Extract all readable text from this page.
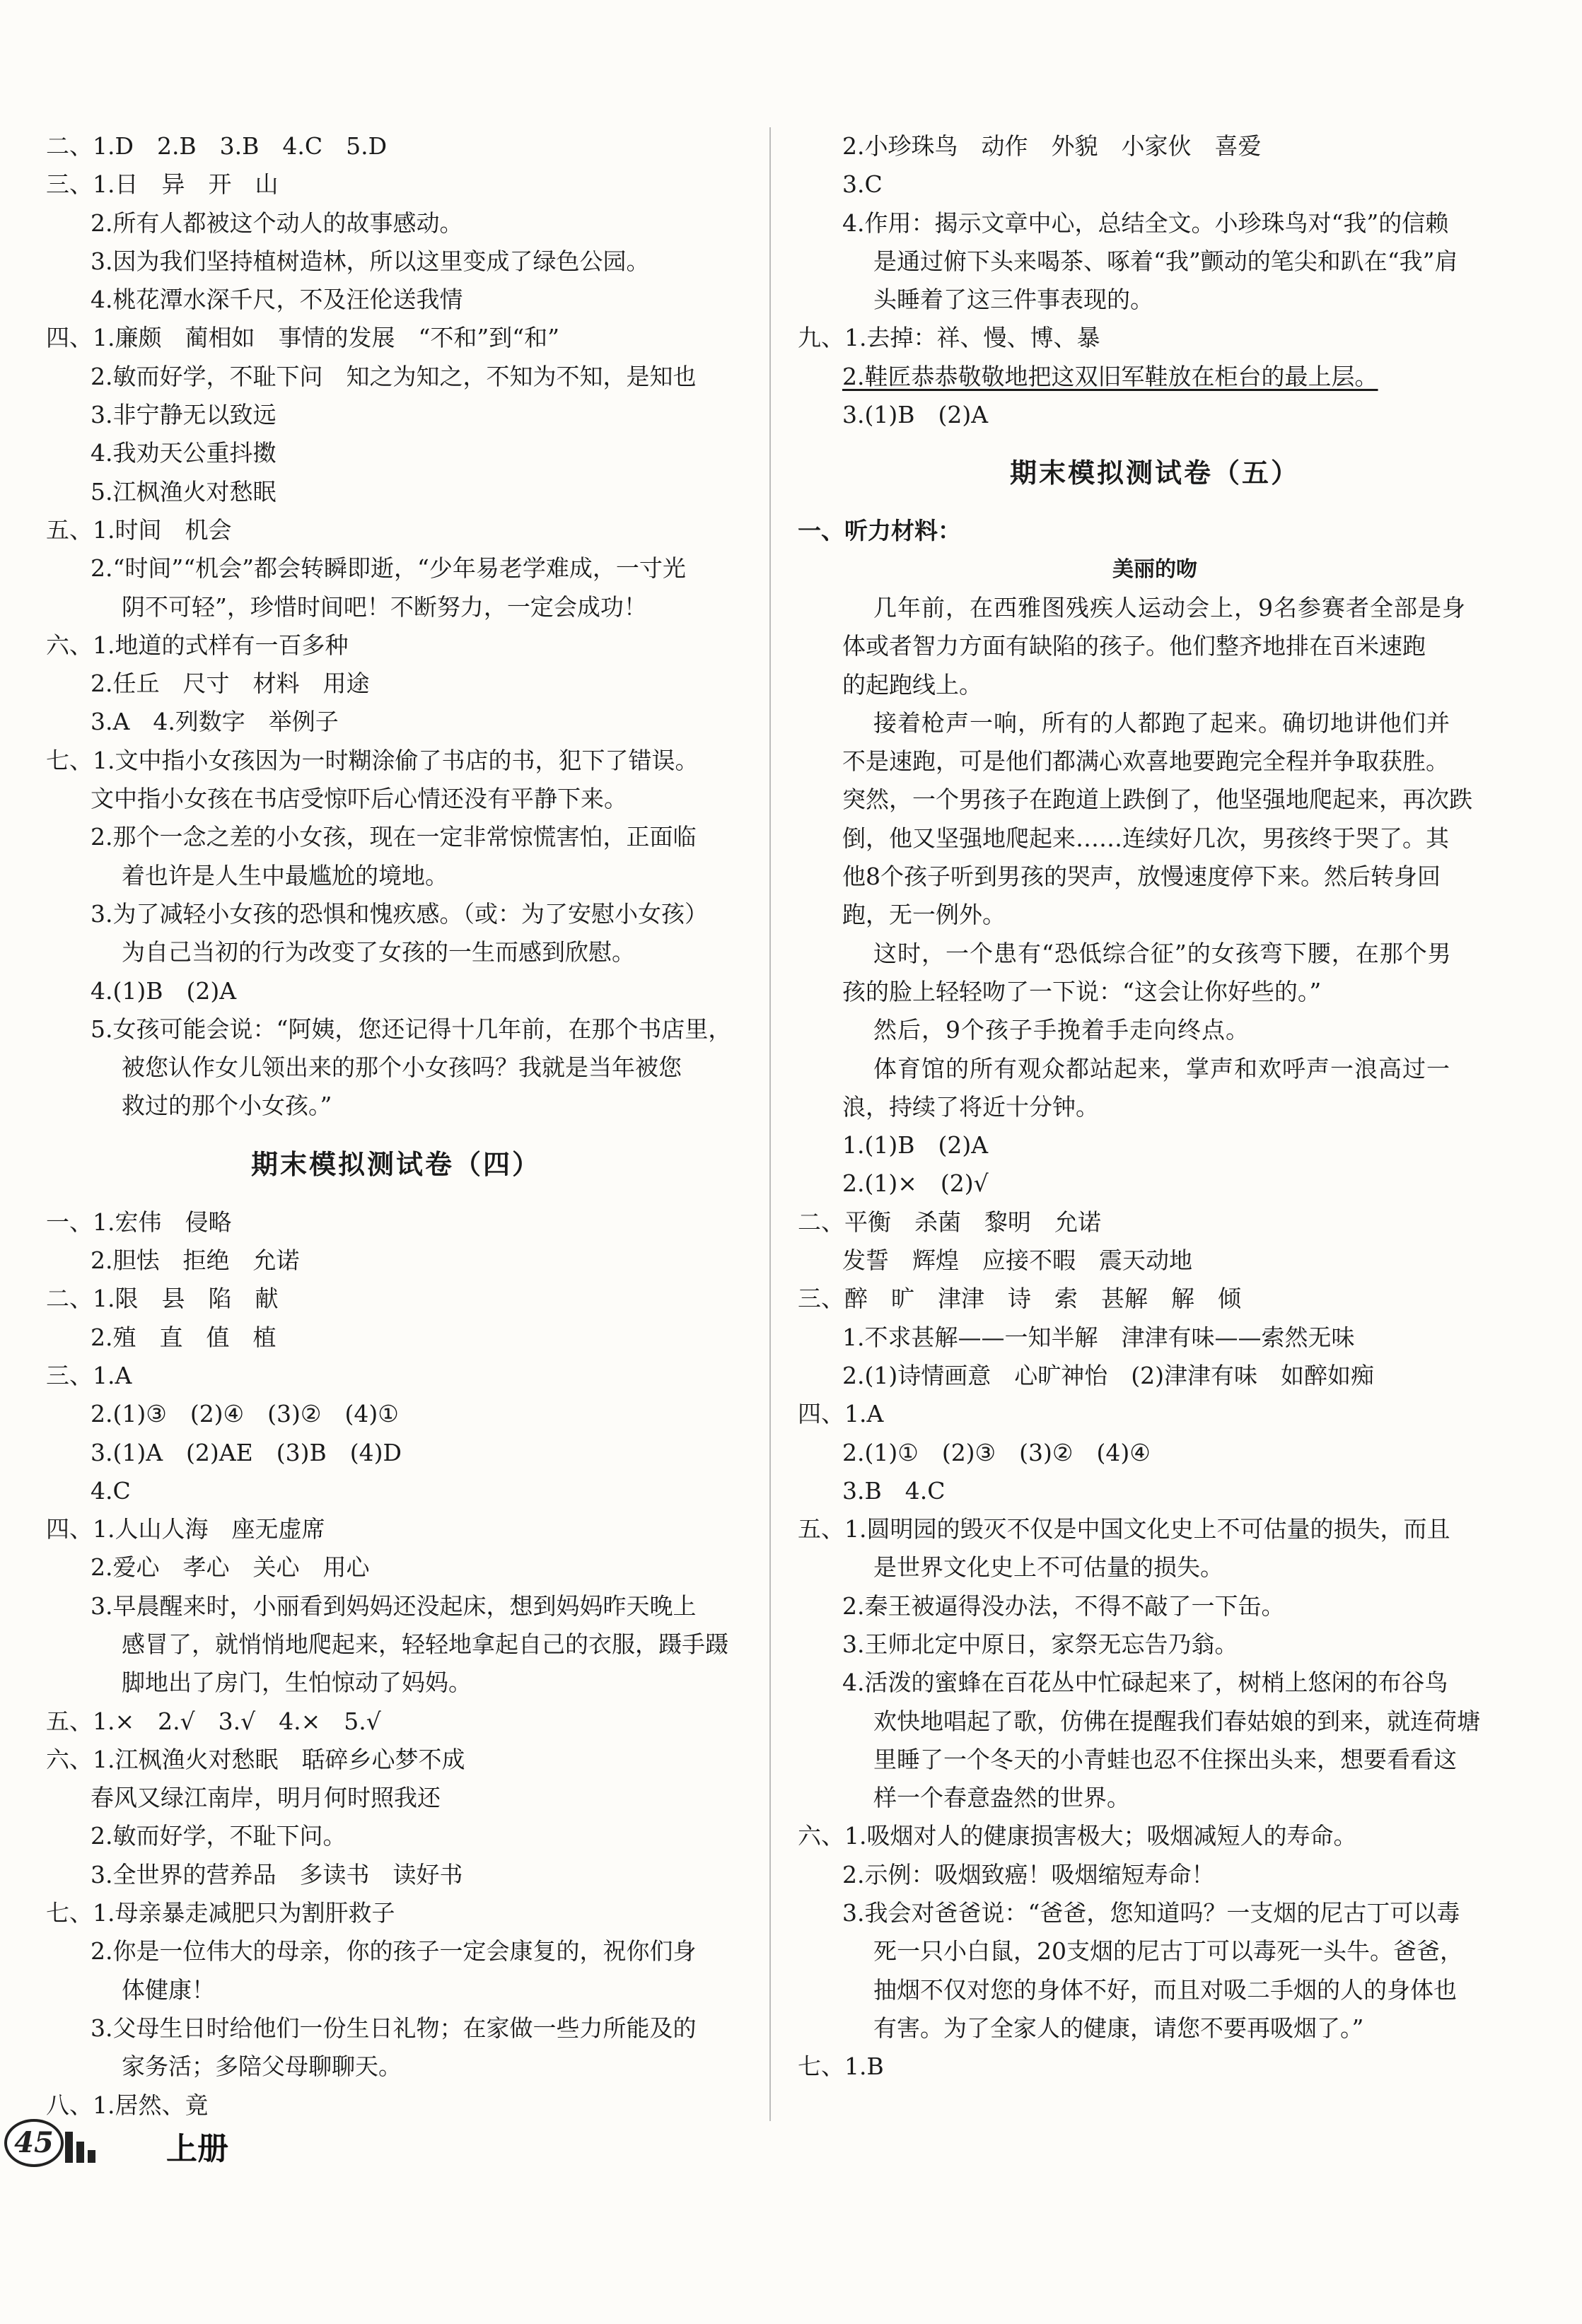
二、1.D　2.B　3.B　4.C　5.D

三、1.日　异　开　山

2.所有人都被这个动人的故事感动。

3.因为我们坚持植树造林，所以这里变成了绿色公园。

4.桃花潭水深千尺，不及汪伦送我情

四、1.廉颇　蔺相如　事情的发展　“不和”到“和”

2.敏而好学，不耻下问　知之为知之，不知为不知，是知也

3.非宁静无以致远

4.我劝天公重抖擞

5.江枫渔火对愁眠

五、1.时间　机会

2.“时间”“机会”都会转瞬即逝，“少年易老学难成，一寸光

阴不可轻”，珍惜时间吧！不断努力，一定会成功！

六、1.地道的式样有一百多种

2.任丘　尺寸　材料　用途

3.A　4.列数字　举例子

七、1.文中指小女孩因为一时糊涂偷了书店的书，犯下了错误。

文中指小女孩在书店受惊吓后心情还没有平静下来。

2.那个一念之差的小女孩，现在一定非常惊慌害怕，正面临

着也许是人生中最尴尬的境地。

3.为了减轻小女孩的恐惧和愧疚感。（或：为了安慰小女孩）

为自己当初的行为改变了女孩的一生而感到欣慰。

4.(1)B　(2)A

5.女孩可能会说：“阿姨，您还记得十几年前，在那个书店里，

被您认作女儿领出来的那个小女孩吗？我就是当年被您

救过的那个小女孩。”

期末模拟测试卷（四）

一、1.宏伟　侵略

2.胆怯　拒绝　允诺

二、1.限　县　陷　献

2.殖　直　值　植

三、1.A

2.(1)③　(2)④　(3)②　(4)①

3.(1)A　(2)AE　(3)B　(4)D

4.C

四、1.人山人海　座无虚席

2.爱心　孝心　关心　用心

3.早晨醒来时，小丽看到妈妈还没起床，想到妈妈昨天晚上

感冒了，就悄悄地爬起来，轻轻地拿起自己的衣服，蹑手蹑

脚地出了房门，生怕惊动了妈妈。

五、1.×　2.√　3.√　4.×　5.√

六、1.江枫渔火对愁眠　聒碎乡心梦不成

春风又绿江南岸，明月何时照我还

2.敏而好学，不耻下问。

3.全世界的营养品　多读书　读好书

七、1.母亲暴走减肥只为割肝救子

2.你是一位伟大的母亲，你的孩子一定会康复的，祝你们身

体健康！

3.父母生日时给他们一份生日礼物；在家做一些力所能及的

家务活；多陪父母聊聊天。

八、1.居然、竟

2.小珍珠鸟　动作　外貌　小家伙　喜爱

3.C

4.作用：揭示文章中心，总结全文。小珍珠鸟对“我”的信赖

是通过俯下头来喝茶、啄着“我”颤动的笔尖和趴在“我”肩

头睡着了这三件事表现的。

九、1.去掉：祥、慢、博、暴

2.鞋匠恭恭敬敬地把这双旧军鞋放在柜台的最上层。

3.(1)B　(2)A

期末模拟测试卷（五）

一、听力材料：

美丽的吻

几年前，在西雅图残疾人运动会上，9名参赛者全部是身

体或者智力方面有缺陷的孩子。他们整齐地排在百米速跑

的起跑线上。

接着枪声一响，所有的人都跑了起来。确切地讲他们并

不是速跑，可是他们都满心欢喜地要跑完全程并争取获胜。

突然，一个男孩子在跑道上跌倒了，他坚强地爬起来，再次跌

倒，他又坚强地爬起来……连续好几次，男孩终于哭了。其

他8个孩子听到男孩的哭声，放慢速度停下来。然后转身回

跑，无一例外。

这时，一个患有“恐低综合征”的女孩弯下腰，在那个男

孩的脸上轻轻吻了一下说：“这会让你好些的。”

然后，9个孩子手挽着手走向终点。

体育馆的所有观众都站起来，掌声和欢呼声一浪高过一

浪，持续了将近十分钟。

1.(1)B　(2)A

2.(1)×　(2)√

二、平衡　杀菌　黎明　允诺

发誓　辉煌　应接不暇　震天动地

三、醉　旷　津津　诗　索　甚解　解　倾

1.不求甚解——一知半解　津津有味——索然无味

2.(1)诗情画意　心旷神怡　(2)津津有味　如醉如痴

四、1.A

2.(1)①　(2)③　(3)②　(4)④

3.B　4.C

五、1.圆明园的毁灭不仅是中国文化史上不可估量的损失，而且

是世界文化史上不可估量的损失。

2.秦王被逼得没办法，不得不敲了一下缶。

3.王师北定中原日，家祭无忘告乃翁。

4.活泼的蜜蜂在百花丛中忙碌起来了，树梢上悠闲的布谷鸟

欢快地唱起了歌，仿佛在提醒我们春姑娘的到来，就连荷塘

里睡了一个冬天的小青蛙也忍不住探出头来，想要看看这

样一个春意盎然的世界。

六、1.吸烟对人的健康损害极大；吸烟减短人的寿命。

2.示例：吸烟致癌！吸烟缩短寿命！

3.我会对爸爸说：“爸爸，您知道吗？一支烟的尼古丁可以毒

死一只小白鼠，20支烟的尼古丁可以毒死一头牛。爸爸，

抽烟不仅对您的身体不好，而且对吸二手烟的人的身体也

有害。为了全家人的健康，请您不要再吸烟了。”

七、1.B

45	上册
